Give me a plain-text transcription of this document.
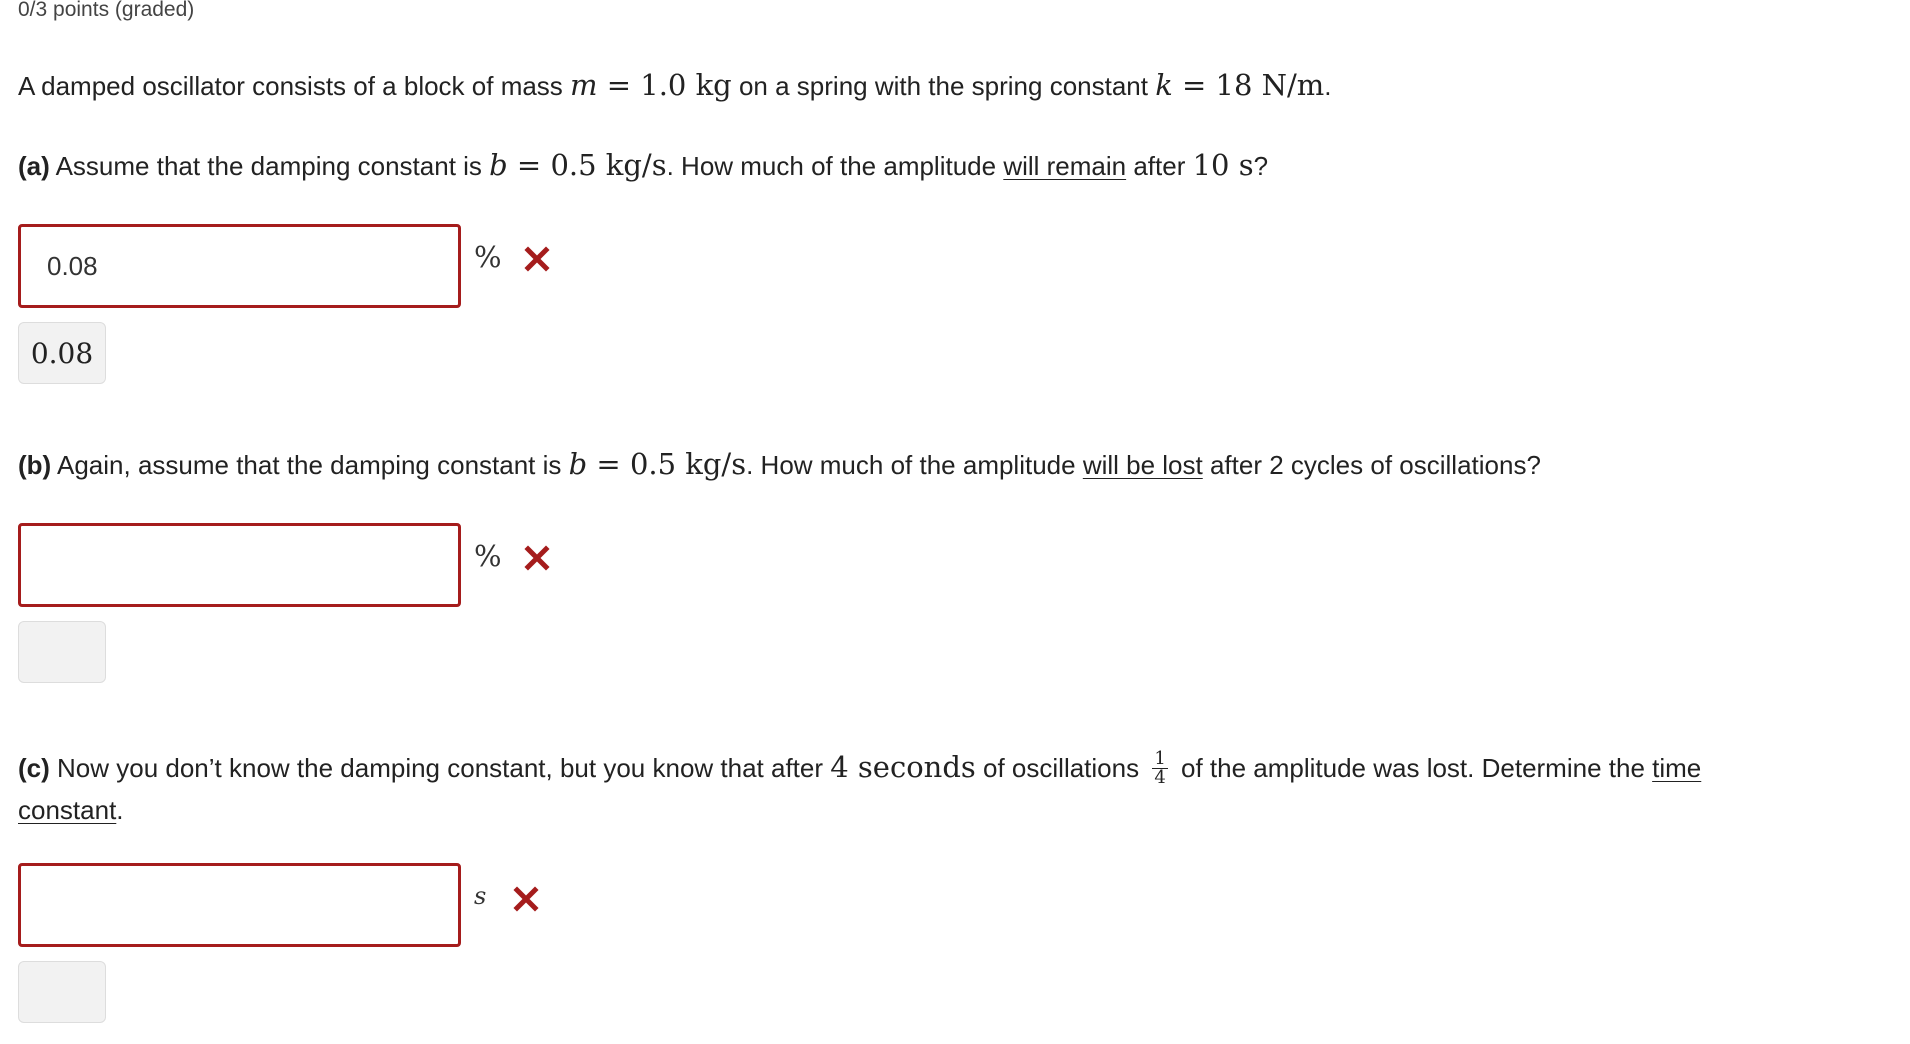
0/3 points (graded)
A damped oscillator consists of a block of mass m = 1.0 kg on a spring with the spring constant k = 18 N/m.
(a) Assume that the damping constant is b = 0.5 kg/s. How much of the amplitude will remain after 10 s?
0.08
%
0.08
(b) Again, assume that the damping constant is b = 0.5 kg/s. How much of the amplitude will be lost after 2 cycles of oscillations?
%
(c) Now you don’t know the damping constant, but you know that after 4 seconds of oscillations $\frac{1}{4}$ of the amplitude was lost. Determine the time
constant.
s
